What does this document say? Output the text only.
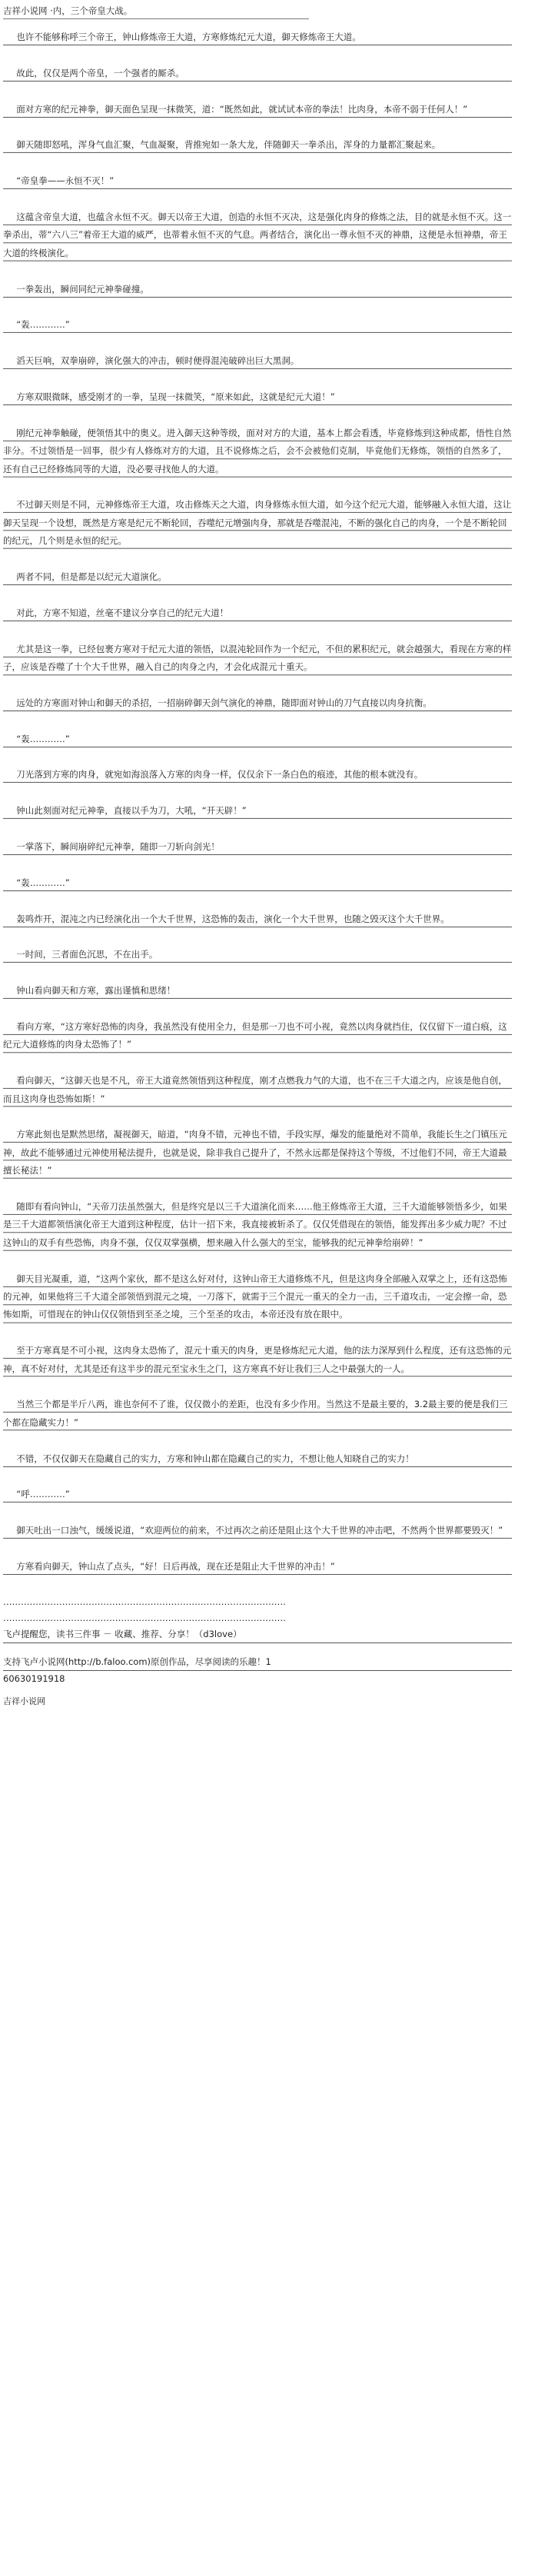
吉祥小说网 ·内，三个帝皇大战。

也许不能够称呼三个帝王，钟山修炼帝王大道，方寒修炼纪元大道，御天修炼帝王大道。

故此，仅仅是两个帝皇，一个强者的厮杀。

面对方寒的纪元神拳，御天面色呈现一抹微笑，道：“既然如此，就试试本帝的拳法！比肉身，本帝不弱于任何人！”

御天随即怒吼，浑身气血汇聚，气血凝聚，背推宛如一条大龙，伴随御天一拳杀出，浑身的力量都汇聚起来。

“帝皇拳——永恒不灭！”

这蕴含帝皇大道，也蕴含永恒不灭。御天以帝王大道，创造的永恒不灭决，这是强化肉身的修炼之法，目的就是永恒不灭。这一拳杀出，蒂“六八三”着帝王大道的威严，也蒂着永恒不灭的气息。两者结合，演化出一尊永恒不灭的神鼎，这便是永恒神鼎，帝王大道的终极演化。

一拳轰出，瞬间同纪元神拳碰撞。

“轰…………”

滔天巨响，双拳崩碎，演化强大的冲击，顿时便得混沌破碎出巨大黑洞。

方寒双眼微眯，感受刚才的一拳，呈现一抹微笑，“原来如此，这就是纪元大道！”

刚纪元神拳触碰，便领悟其中的奥义。进入御天这种等级，面对对方的大道，基本上都会看透，毕竟修炼到这种成都，悟性自然非分。不过领悟是一回事，很少有人修炼对方的大道，且不说修炼之后，会不会被他们克制，毕竟他们无修炼，领悟的自然多了，还有自己已经修炼同等的大道，没必要寻找他人的大道。

不过御天则是不同，元神修炼帝王大道，攻击修炼天之大道，肉身修炼永恒大道，如今这个纪元大道，能够融入永恒大道，这让御天呈现一个设想，既然是方寒是纪元不断轮回，吞噬纪元增强肉身，那就是吞噬混沌，不断的强化自己的肉身，一个是不断轮回的纪元，几个则是永恒的纪元。

两者不同，但是都是以纪元大道演化。

对此，方寒不知道，丝毫不建议分享自己的纪元大道！

尤其是这一拳，已经包裹方寒对于纪元大道的领悟，以混沌轮回作为一个纪元，不但的累积纪元，就会越强大，看现在方寒的样子，应该是吞噬了十个大千世界，融入自己的肉身之内，才会化成混元十重天。

远处的方寒面对钟山和御天的杀招，一招崩碎御天剑气演化的神鼎，随即面对钟山的刀气直接以肉身抗衡。

“轰…………”

刀光落到方寒的肉身，就宛如海浪落入方寒的肉身一样，仅仅余下一条白色的痕迹，其他的根本就没有。

钟山此刻面对纪元神拳，直接以手为刀，大吼，“开天辟！”

一掌落下，瞬间崩碎纪元神拳，随即一刀斩向剑光！

“轰…………”

轰鸣炸开，混沌之内已经演化出一个大千世界，这恐怖的轰击，演化一个大千世界，也随之毁灭这个大千世界。

一时间，三者面色沉思，不在出手。

钟山看向御天和方寒，露出谨慎和思绪！

看向方寒，“这方寒好恐怖的肉身，我虽然没有使用全力，但是那一刀也不可小视，竟然以肉身就挡住，仅仅留下一道白痕，这纪元大道修炼的肉身太恐怖了！”

看向御天，“这御天也是不凡，帝王大道竟然领悟到这种程度，刚才点燃我力气的大道，也不在三千大道之内，应该是他自创，而且这肉身也恐怖如斯！”

方寒此刻也是默然思绪，凝视御天，暗道，“肉身不错，元神也不错，手段实厚，爆发的能量绝对不简单，我能长生之门镇压元神，故此不能够通过元神使用秘法提升，也就是说，除非我自己提升了，不然永远都是保持这个等级，不过他们不同，帝王大道最擅长秘法！”

随即有看向钟山，“天帝刀法虽然强大，但是终究是以三千大道演化而来……他王修炼帝王大道，三千大道能够领悟多少，如果是三千大道都领悟演化帝王大道到这种程度，估计一招下来，我直接被斩杀了。仅仅凭借现在的领悟，能发挥出多少威力呢？不过这钟山的双手有些恐怖，肉身不强，仅仅双掌强横，想来融入什么强大的至宝，能够我的纪元神拳给崩碎！”

御天目光凝重，道，“这两个家伙，都不是这么好对付，这钟山帝王大道修炼不凡，但是这肉身全部融入双掌之上，还有这恐怖的元神，如果他将三千大道全部领悟到混元之境，一刀落下，就需于三个混元一重天的全力一击，三千道攻击，一定会擦一命，恐怖如斯，可惜现在的钟山仅仅领悟到至圣之境，三个至圣的攻击，本帝还没有放在眼中。

至于方寒真是不可小视，这肉身太恐怖了，混元十重天的肉身，更是修炼纪元大道，他的法力深厚到什么程度，还有这恐怖的元神，真不好对付，尤其是还有这半步的混元至宝永生之门，这方寒真不好让我们三人之中最强大的一人。

当然三个都是半斤八两，谁也奈何不了谁，仅仅微小的差距，也没有多少作用。当然这不是最主要的，3.2最主要的便是我们三个都在隐藏实力！”

不错，不仅仅御天在隐藏自己的实力，方寒和钟山都在隐藏自己的实力，不想让他人知晓自己的实力！

“呼…………”

御天吐出一口浊气，缓缓说道，“欢迎两位的前来，不过再次之前还是阻止这个大千世界的冲击吧，不然两个世界都要毁灭！”

方寒看向御天，钟山点了点头，“好！日后再战，现在还是阻止大千世界的冲击！”

……………………………………………………………………………………
……………………………………………………………………………………
飞卢提醒您，读书三件事 － 收藏、推荐、分享！（d3love）
支持飞卢小说网(http://b.faloo.com)原创作品，尽享阅读的乐趣！1
60630191918
吉祥小说网
